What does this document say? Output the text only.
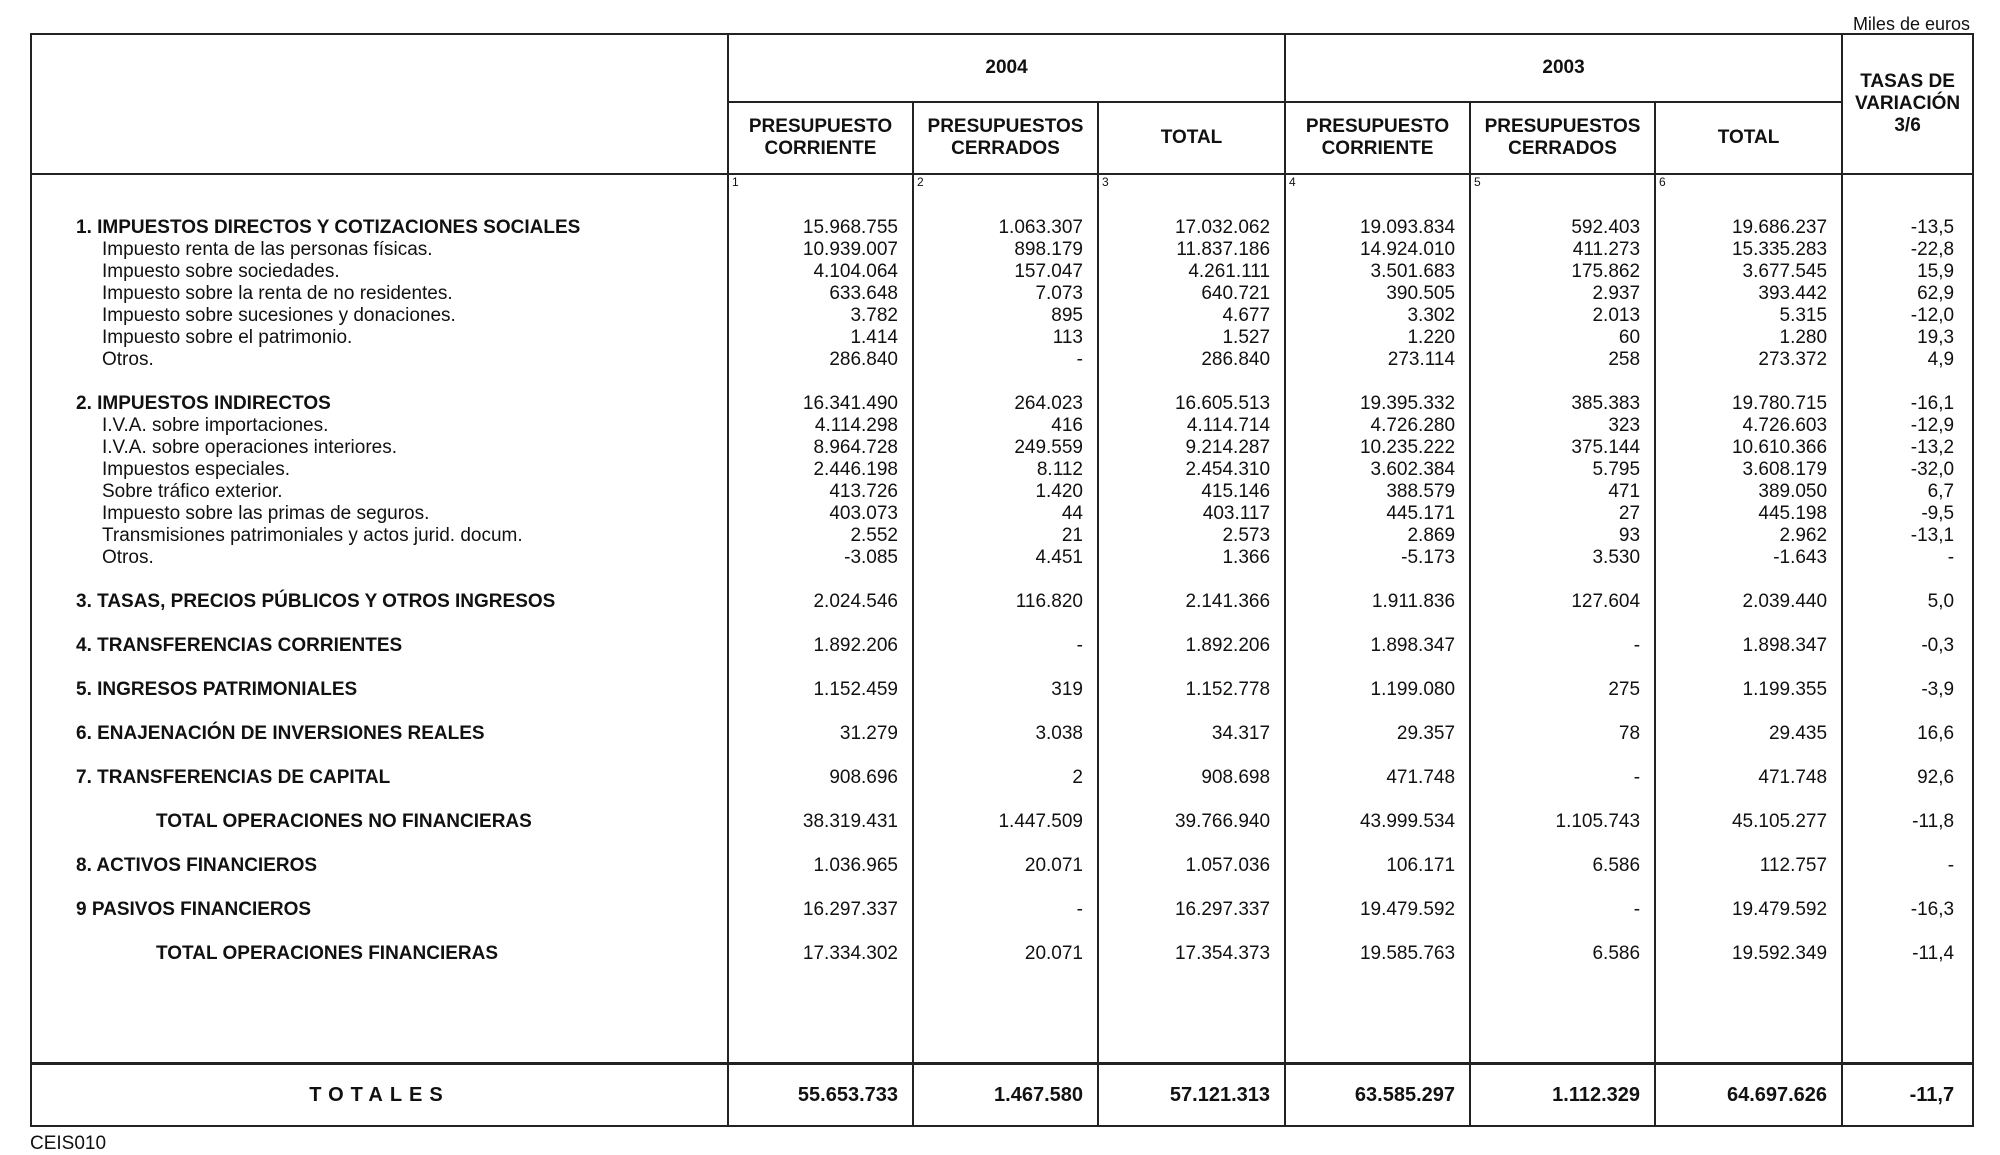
Miles de euros
	2004			2003			TASAS DE VARIACIÓN 3/6
	PRESUPUESTO CORRIENTE	PRESUPUESTOS CERRADOS	TOTAL	PRESUPUESTO CORRIENTE	PRESUPUESTOS CERRADOS	TOTAL	
	1	2	3	4	5	6	

1. IMPUESTOS DIRECTOS Y COTIZACIONES SOCIALES	15.968.755	1.063.307	17.032.062	19.093.834	592.403	19.686.237	-13,5
Impuesto renta de las personas físicas.	10.939.007	898.179	11.837.186	14.924.010	411.273	15.335.283	-22,8
Impuesto sobre sociedades.	4.104.064	157.047	4.261.111	3.501.683	175.862	3.677.545	15,9
Impuesto sobre la renta de no residentes.	633.648	7.073	640.721	390.505	2.937	393.442	62,9
Impuesto sobre sucesiones y donaciones.	3.782	895	4.677	3.302	2.013	5.315	-12,0
Impuesto sobre el patrimonio.	1.414	113	1.527	1.220	60	1.280	19,3
Otros.	286.840	-	286.840	273.114	258	273.372	4,9

2. IMPUESTOS INDIRECTOS	16.341.490	264.023	16.605.513	19.395.332	385.383	19.780.715	-16,1
I.V.A. sobre importaciones.	4.114.298	416	4.114.714	4.726.280	323	4.726.603	-12,9
I.V.A. sobre operaciones interiores.	8.964.728	249.559	9.214.287	10.235.222	375.144	10.610.366	-13,2
Impuestos especiales.	2.446.198	8.112	2.454.310	3.602.384	5.795	3.608.179	-32,0
Sobre tráfico exterior.	413.726	1.420	415.146	388.579	471	389.050	6,7
Impuesto sobre las primas de seguros.	403.073	44	403.117	445.171	27	445.198	-9,5
Transmisiones patrimoniales y actos jurid. docum.	2.552	21	2.573	2.869	93	2.962	-13,1
Otros.	-3.085	4.451	1.366	-5.173	3.530	-1.643	-

3. TASAS, PRECIOS PÚBLICOS Y OTROS INGRESOS	2.024.546	116.820	2.141.366	1.911.836	127.604	2.039.440	5,0

4. TRANSFERENCIAS CORRIENTES	1.892.206	-	1.892.206	1.898.347	-	1.898.347	-0,3

5. INGRESOS PATRIMONIALES	1.152.459	319	1.152.778	1.199.080	275	1.199.355	-3,9

6. ENAJENACIÓN DE INVERSIONES REALES	31.279	3.038	34.317	29.357	78	29.435	16,6

7. TRANSFERENCIAS DE CAPITAL	908.696	2	908.698	471.748	-	471.748	92,6

TOTAL OPERACIONES NO FINANCIERAS	38.319.431	1.447.509	39.766.940	43.999.534	1.105.743	45.105.277	-11,8

8. ACTIVOS FINANCIEROS	1.036.965	20.071	1.057.036	106.171	6.586	112.757	-

9 PASIVOS FINANCIEROS	16.297.337	-	16.297.337	19.479.592	-	19.479.592	-16,3

TOTAL OPERACIONES FINANCIERAS	17.334.302	20.071	17.354.373	19.585.763	6.586	19.592.349	-11,4

TOTALES	55.653.733	1.467.580	57.121.313	63.585.297	1.112.329	64.697.626	-11,7
CEIS010
